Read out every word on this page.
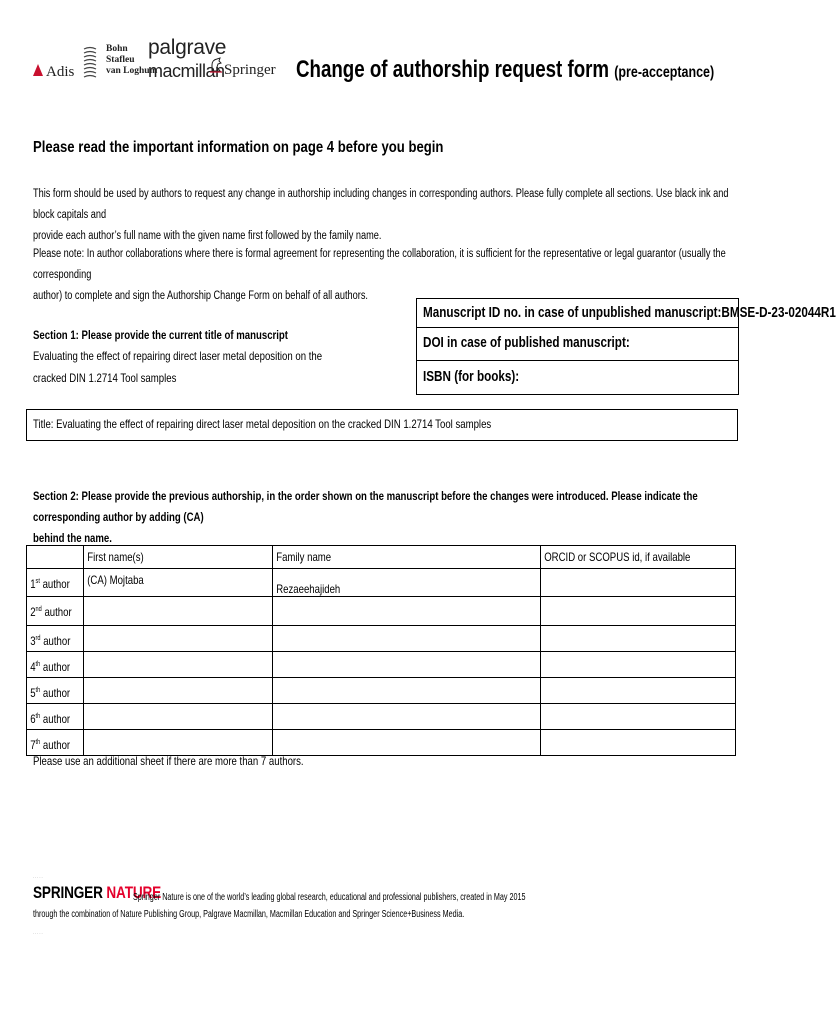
Adis
Bohn
Stafleu
van Loghum
palgrave
macmillan Springer Change of authorship request form (pre-acceptance)
Please read the important information on page 4 before you begin
This form should be used by authors to request any change in authorship including changes in corresponding authors. Please fully complete all sections. Use black ink and block capitals and
provide each author’s full name with the given name first followed by the family name.
Please note: In author collaborations where there is formal agreement for representing the collaboration, it is sufficient for the representative or legal guarantor (usually the corresponding
author) to complete and sign the Authorship Change Form on behalf of all authors.
Manuscript ID no. in case of unpublished manuscript:BMSE-D-23-02044R1
DOI in case of published manuscript:
ISBN (for books):
Section 1: Please provide the current title of manuscript
Evaluating the effect of repairing direct laser metal deposition on the
cracked DIN 1.2714 Tool samples
Title: Evaluating the effect of repairing direct laser metal deposition on the cracked DIN 1.2714 Tool samples
Section 2: Please provide the previous authorship, in the order shown on the manuscript before the changes were introduced. Please indicate the corresponding author by adding (CA)
behind the name.
	First name(s)	Family name	ORCID or SCOPUS id, if available
1st author	(CA) Mojtaba	Rezaeehajideh	
2nd author			
3rd author			
4th author			
5th author			
6th author			
7th author			
Please use an additional sheet if there are more than 7 authors.
.....
SPRINGER NATURE
Springer Nature is one of the world’s leading global research, educational and professional publishers, created in May 2015
through the combination of Nature Publishing Group, Palgrave Macmillan, Macmillan Education and Springer Science+Business Media.
.....
